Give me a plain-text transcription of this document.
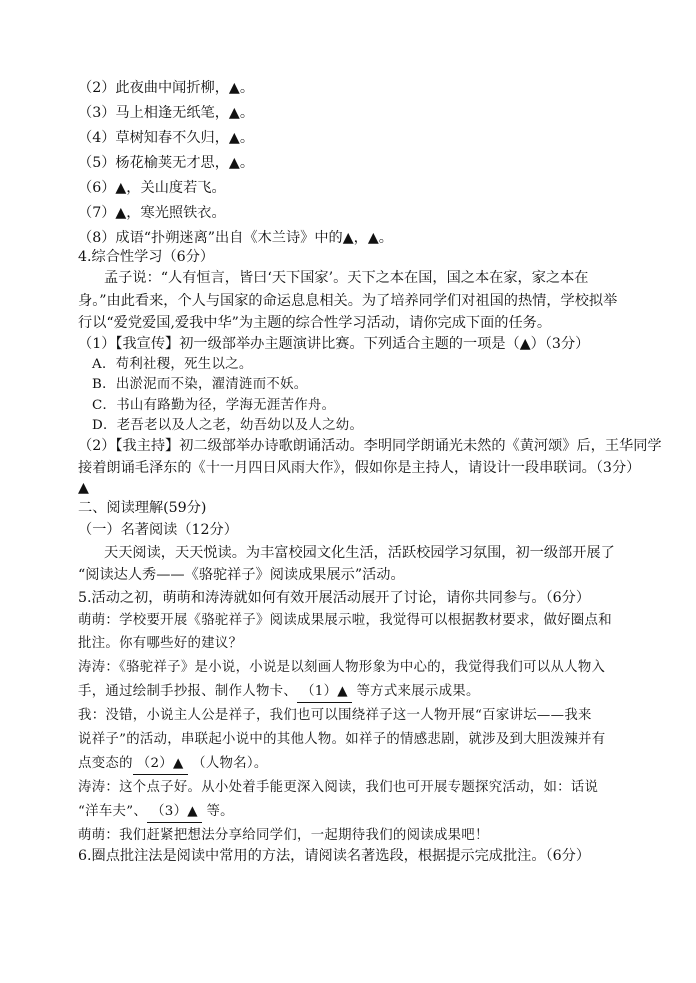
（2）此夜曲中闻折柳，▲。
（3）马上相逢无纸笔，▲。
（4）草树知春不久归，▲。
（5）杨花榆荚无才思，▲。
（6）▲，关山度若飞。
（7）▲，寒光照铁衣。
（8）成语“扑朔迷离”出自《木兰诗》中的▲，▲。
4.综合性学习（6分）
孟子说：“人有恒言，皆曰‘天下国家’。天下之本在国，国之本在家，家之本在
身。”由此看来，个人与国家的命运息息相关。为了培养同学们对祖国的热情，学校拟举
行以“爱党爱国,爱我中华”为主题的综合性学习活动，请你完成下面的任务。
（1）【我宣传】初一级部举办主题演讲比赛。下列适合主题的一项是（▲）（3分）
A．苟利社稷，死生以之。
B．出淤泥而不染，濯清涟而不妖。
C．书山有路勤为径，学海无涯苦作舟。
D．老吾老以及人之老，幼吾幼以及人之幼。
（2）【我主持】初二级部举办诗歌朗诵活动。李明同学朗诵光未然的《黄河颂》后，王华同学
接着朗诵毛泽东的《十一月四日风雨大作》，假如你是主持人，请设计一段串联词。（3分）
▲
二、阅读理解(59分)
（一）名著阅读（12分）
天天阅读，天天悦读。为丰富校园文化生活，活跃校园学习氛围，初一级部开展了
“阅读达人秀——《骆驼祥子》阅读成果展示”活动。
5.活动之初，萌萌和涛涛就如何有效开展活动展开了讨论，请你共同参与。（6分）
萌萌：学校要开展《骆驼祥子》阅读成果展示啦，我觉得可以根据教材要求，做好圈点和
批注。你有哪些好的建议？
涛涛：《骆驼祥子》是小说，小说是以刻画人物形象为中心的，我觉得我们可以从人物入
手，通过绘制手抄报、制作人物卡、 （1）▲ 等方式来展示成果。
我：没错，小说主人公是祥子，我们也可以围绕祥子这一人物开展“百家讲坛——我来
说祥子”的活动，串联起小说中的其他人物。如祥子的情感悲剧，就涉及到大胆泼辣并有
点变态的 （2）▲ （人物名）。
涛涛：这个点子好。从小处着手能更深入阅读，我们也可开展专题探究活动，如：话说
“洋车夫”、 （3）▲ 等。
萌萌：我们赶紧把想法分享给同学们，一起期待我们的阅读成果吧！
6.圈点批注法是阅读中常用的方法，请阅读名著选段，根据提示完成批注。（6分）
